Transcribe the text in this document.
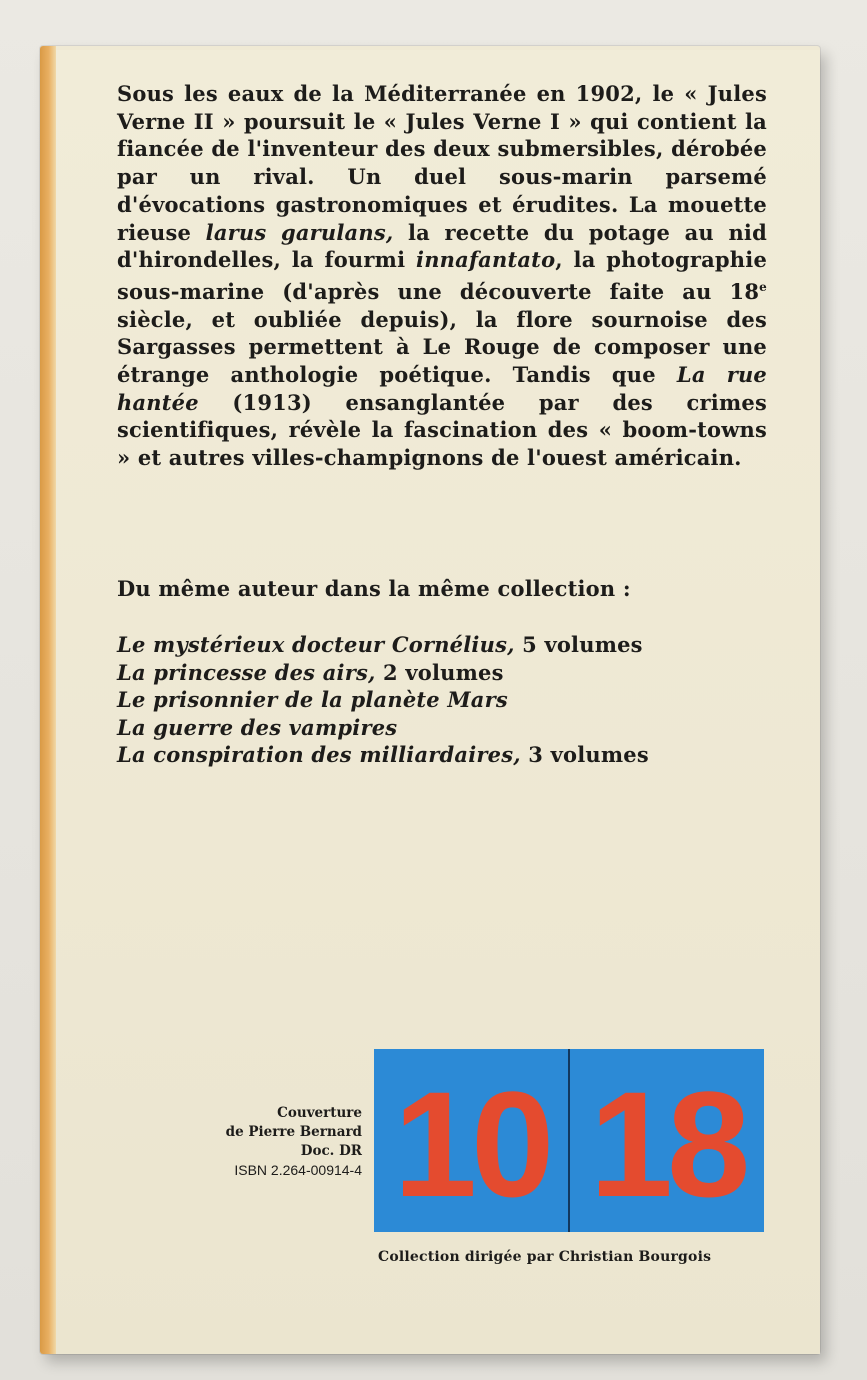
Sous les eaux de la Méditerranée en 1902, le « Jules Verne II » poursuit le « Jules Verne I » qui contient la fiancée de l'inventeur des deux submersibles, dérobée par un rival. Un duel sous-marin parsemé d'évocations gastronomiques et érudites. La mouette rieuse larus garulans, la recette du potage au nid d'hirondelles, la fourmi innafantato, la photographie sous-marine (d'après une découverte faite au 18e siècle, et oubliée depuis), la flore sournoise des Sargasses permettent à Le Rouge de composer une étrange anthologie poétique. Tandis que La rue hantée (1913) ensanglantée par des crimes scientifiques, révèle la fascination des « boom-towns » et autres villes-champignons de l'ouest américain.

Du même auteur dans la même collection :

Le mystérieux docteur Cornélius, 5 volumes
La princesse des airs, 2 volumes
Le prisonnier de la planète Mars
La guerre des vampires
La conspiration des milliardaires, 3 volumes
Couverture
de Pierre Bernard
Doc. DR
ISBN 2.264-00914-4 10 18
Collection dirigée par Christian Bourgois
